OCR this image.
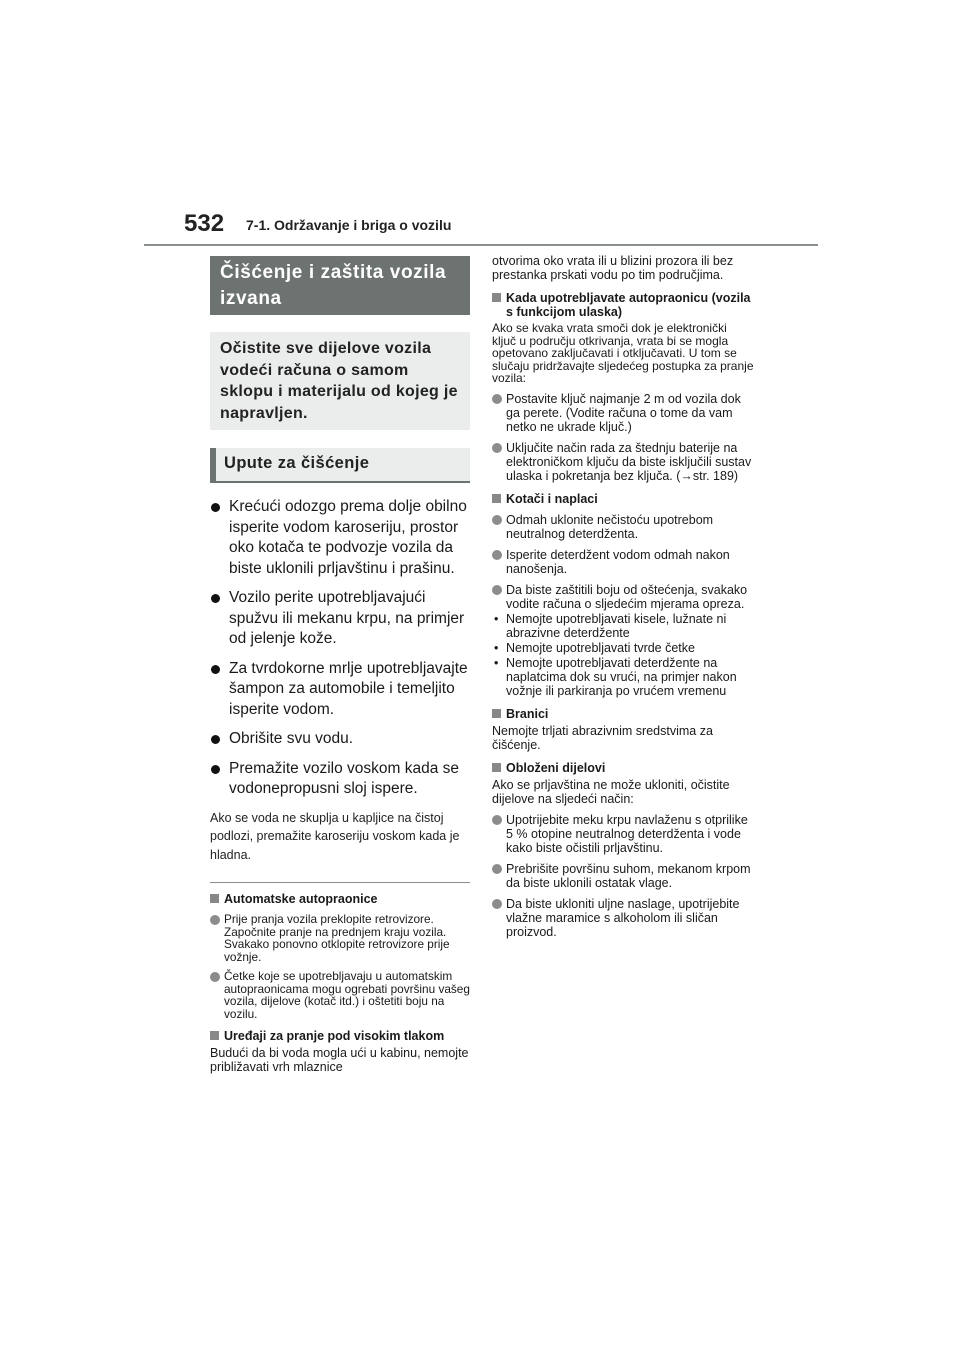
532 7-1. Održavanje i briga o vozilu
Čišćenje i zaštita vozila izvana
Očistite sve dijelove vozila vodeći računa o samom sklopu i materijalu od kojeg je napravljen.
Upute za čišćenje
Krećući odozgo prema dolje obilno isperite vodom karoseriju, prostor oko kotača te podvozje vozila da biste uklonili prljavštinu i prašinu.
Vozilo perite upotrebljavajući spužvu ili mekanu krpu, na primjer od jelenje kože.
Za tvrdokorne mrlje upotrebljavajte šampon za automobile i temeljito isperite vodom.
Obrišite svu vodu.
Premažite vozilo voskom kada se vodonepropusni sloj ispere.
Ako se voda ne skuplja u kapljice na čistoj podlozi, premažite karoseriju voskom kada je hladna.
Automatske autopraonice
Prije pranja vozila preklopite retrovizore. Započnite pranje na prednjem kraju vozila. Svakako ponovno otklopite retrovizore prije vožnje.
Četke koje se upotrebljavaju u automatskim autopraonicama mogu ogrebati površinu vašeg vozila, dijelove (kotač itd.) i oštetiti boju na vozilu.
Uređaji za pranje pod visokim tlakom
Budući da bi voda mogla ući u kabinu, nemojte približavati vrh mlaznice
otvorima oko vrata ili u blizini prozora ili bez prestanka prskati vodu po tim područjima.
Kada upotrebljavate autopraonicu (vozila s funkcijom ulaska)
Ako se kvaka vrata smoči dok je elektronički ključ u području otkrivanja, vrata bi se mogla opetovano zaključavati i otključavati. U tom se slučaju pridržavajte sljedećeg postupka za pranje vozila:
Postavite ključ najmanje 2 m od vozila dok ga perete. (Vodite računa o tome da vam netko ne ukrade ključ.)
Uključite način rada za štednju baterije na elektroničkom ključu da biste isključili sustav ulaska i pokretanja bez ključa. (→str. 189)
Kotači i naplaci
Odmah uklonite nečistoću upotrebom neutralnog deterdženta.
Isperite deterdžent vodom odmah nakon nanošenja.
Da biste zaštitili boju od oštećenja, svakako vodite računa o sljedećim mjerama opreza.
• Nemojte upotrebljavati kisele, lužnate ni abrazivne deterdžente
• Nemojte upotrebljavati tvrde četke
• Nemojte upotrebljavati deterdžente na naplatcima dok su vrući, na primjer nakon vožnje ili parkiranja po vrućem vremenu
Branici
Nemojte trljati abrazivnim sredstvima za čišćenje.
Obloženi dijelovi
Ako se prljavština ne može ukloniti, očistite dijelove na sljedeći način:
Upotrijebite meku krpu navlaženu s otprilike 5 % otopine neutralnog deterdženta i vode kako biste očistili prljavštinu.
Prebrišite površinu suhom, mekanom krpom da biste uklonili ostatak vlage.
Da biste ukloniti uljne naslage, upotrijebite vlažne maramice s alkoholom ili sličan proizvod.
